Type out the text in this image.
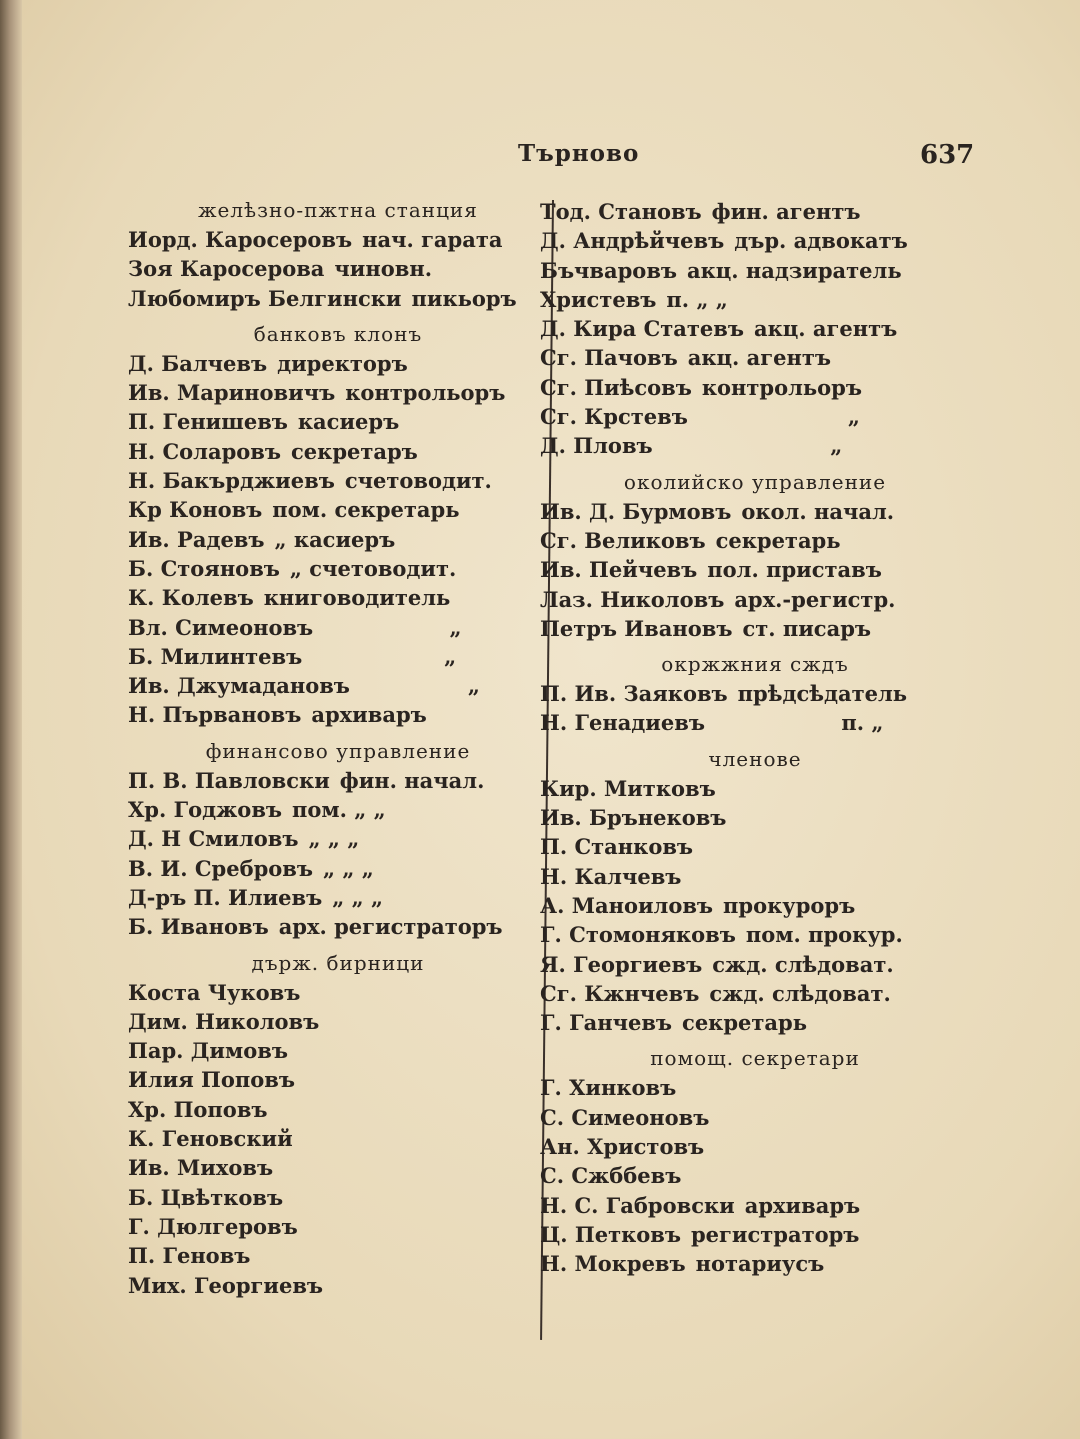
Търново	637
желѣзно-пжтна станция
Иорд. Каросеровъ нач. гарата
Зоя Каросерова чиновн.
Любомиръ Белгински пикьоръ
банковъ клонъ
Д. Балчевъ директоръ
Ив. Мариновичъ контрольоръ
П. Генишевъ касиеръ
Н. Соларовъ секретаръ
Н. Бакърджиевъ счетоводит.
Кр Коновъ пом. секретарь
Ив. Радевъ „ касиеръ
Б. Стояновъ „ счетоводит.
К. Колевъ книговодитель
Вл. Симеоновъ	„
Б. Милинтевъ	„
Ив. Джумадановъ	„
Н. Първановъ архиваръ
финансово управление
П. В. Павловски фин. начал.
Хр. Годжовъ пом. „ „
Д. Н Смиловъ „ „ „
В. И. Сребровъ „ „ „
Д-ръ П. Илиевъ „ „ „
Б. Ивановъ арх. регистраторъ
държ. бирници
Коста Чуковъ
Дим. Николовъ
Пар. Димовъ
Илия Поповъ
Хр. Поповъ
К. Геновский
Ив. Миховъ
Б. Цвѣтковъ
Г. Дюлгеровъ
П. Геновъ
Мих. Георгиевъ
Тод. Становъ фин. агентъ
Д. Андрѣйчевъ дър. адвокатъ
Бъчваровъ акц. надзиратель
Христевъ п. „ „
Д. Кира Статевъ акц. агентъ
Сг. Пачовъ акц. агентъ
Сг. Пиѣсовъ контрольоръ
Сг. Крстевъ	„
Д. Пловъ	„
околийско управление
Ив. Д. Бурмовъ окол. начал.
Сг. Великовъ секретарь
Ив. Пейчевъ пол. приставъ
Лаз. Николовъ арх.-регистр.
Петръ Ивановъ ст. писаръ
окржжния сждъ
П. Ив. Заяковъ прѣдсѣдатель
Н. Генадиевъ	п. „
членове
Кир. Митковъ
Ив. Брънековъ
П. Станковъ
Н. Калчевъ
А. Маноиловъ прокуроръ
Г. Стомоняковъ пом. прокур.
Я. Георгиевъ сжд. слѣдоват.
Сг. Кжнчевъ сжд. слѣдоват.
Г. Ганчевъ секретарь
помощ. секретари
Г. Хинковъ
С. Симеоновъ
Ан. Христовъ
С. Сжббевъ
Н. С. Габровски архиваръ
Ц. Петковъ регистраторъ
Н. Мокревъ нотариусъ
